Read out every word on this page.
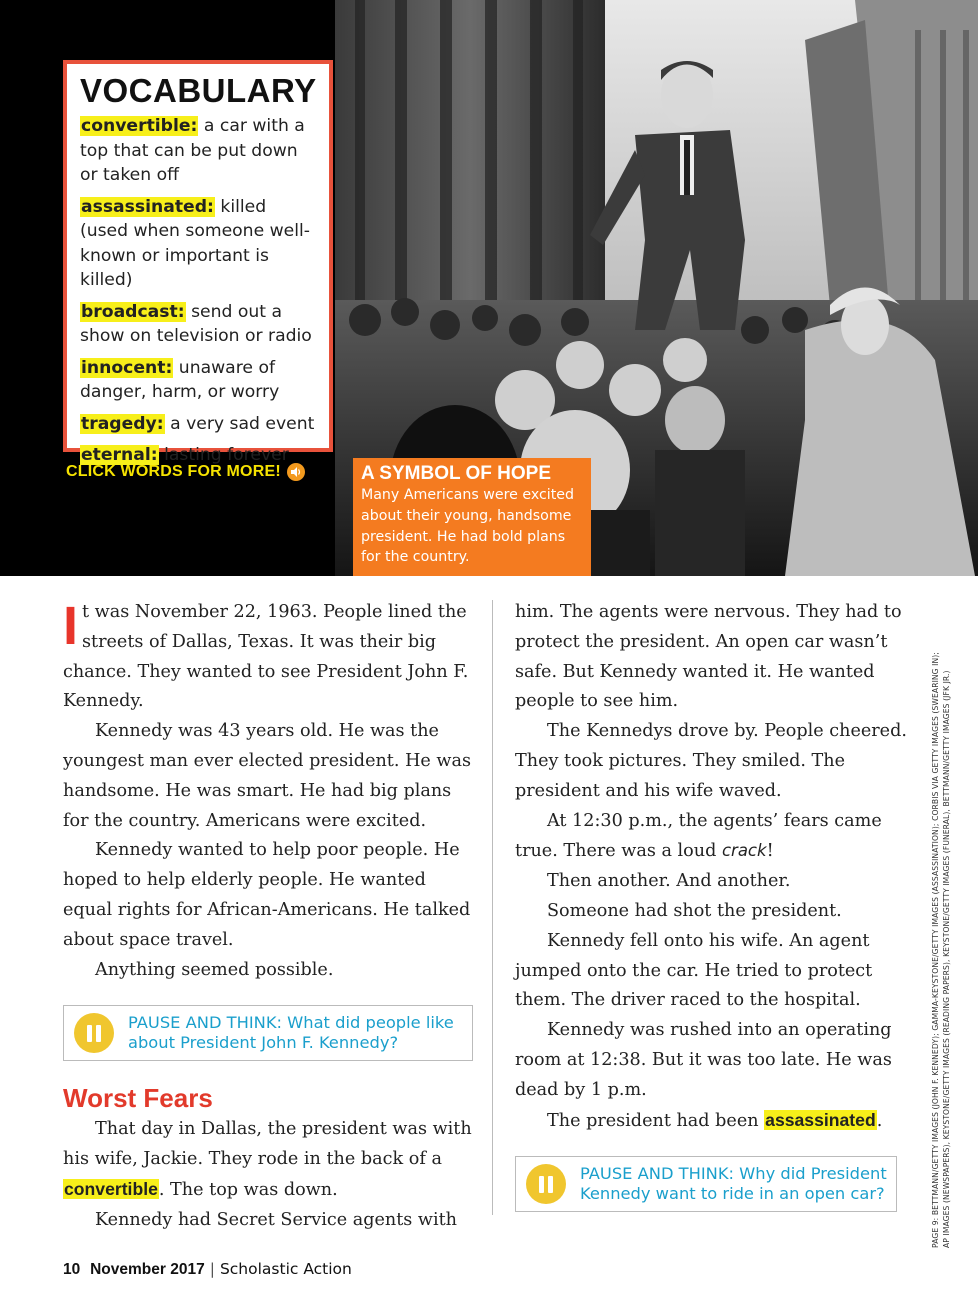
VOCABULARY
convertible: a car with a top that can be put down or taken off
assassinated: killed (used when someone well-known or important is killed)
broadcast: send out a show on television or radio
innocent: unaware of danger, harm, or worry
tragedy: a very sad event
eternal: lasting forever
CLICK WORDS FOR MORE!	A SYMBOL OF HOPE
Many Americans were excited about their young, handsome president. He had bold plans for the country.

It was November 22, 1963. People lined the streets of Dallas, Texas. It was their big chance. They wanted to see President John F. Kennedy.

Kennedy was 43 years old. He was the youngest man ever elected president. He was handsome. He was smart. He had big plans for the country. Americans were excited.

Kennedy wanted to help poor people. He hoped to help elderly people. He wanted equal rights for African-Americans. He talked about space travel.

Anything seemed possible.

PAUSE AND THINK: What did people like about President John F. Kennedy?
Worst Fears

That day in Dallas, the president was with his wife, Jackie. They rode in the back of a convertible. The top was down.

Kennedy had Secret Service agents with

him. The agents were nervous. They had to protect the president. An open car wasn’t safe. But Kennedy wanted it. He wanted people to see him.

The Kennedys drove by. People cheered. They took pictures. They smiled. The president and his wife waved.

At 12:30 p.m., the agents’ fears came true. There was a loud crack!

Then another. And another.

Someone had shot the president.

Kennedy fell onto his wife. An agent jumped onto the car. He tried to protect them. The driver raced to the hospital.

Kennedy was rushed into an operating room at 12:38. But it was too late. He was dead by 1 p.m.

The president had been assassinated.

PAUSE AND THINK: Why did President Kennedy want to ride in an open car?	PAGE 9: BETTMANN/GETTY IMAGES (JOHN F. KENNEDY); GAMMA-KEYSTONE/GETTY IMAGES (ASSASSINATION); CORBIS VIA GETTY IMAGES (SWEARING IN); AP IMAGES (NEWSPAPERS), KEYSTONE/GETTY IMAGES (READING PAPERS), KEYSTONE/GETTY IMAGES (FUNERAL), BETTMANN/GETTY IMAGES (JFK JR.)
10 November 2017 | Scholastic Action
